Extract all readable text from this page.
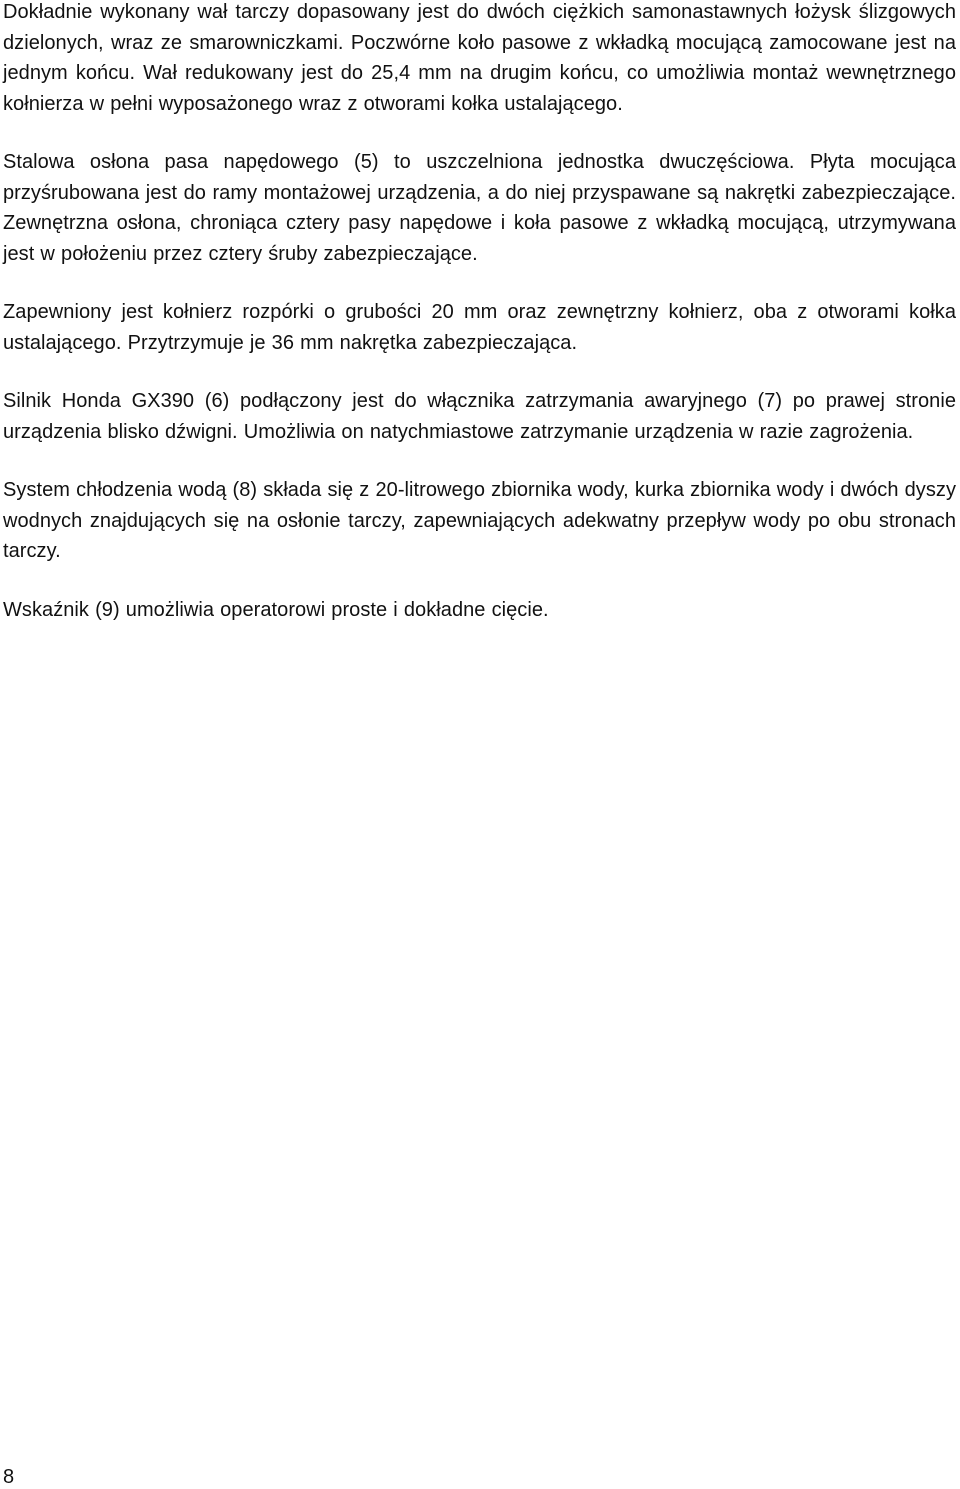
Dokładnie wykonany wał tarczy dopasowany jest do dwóch ciężkich samonastawnych łożysk ślizgowych dzielonych, wraz ze smarowniczkami. Poczwórne koło pasowe z wkładką mocującą zamocowane jest na jednym końcu. Wał redukowany jest do 25,4 mm na drugim końcu, co umożliwia montaż wewnętrznego kołnierza w pełni wyposażonego wraz z otworami kołka ustalającego.

Stalowa osłona pasa napędowego (5) to uszczelniona jednostka dwuczęściowa. Płyta mocująca przyśrubowana jest do ramy montażowej urządzenia, a do niej przyspawane są nakrętki zabezpieczające. Zewnętrzna osłona, chroniąca cztery pasy napędowe i koła pasowe z wkładką mocującą, utrzymywana jest w położeniu przez cztery śruby zabezpieczające.

Zapewniony jest kołnierz rozpórki o grubości 20 mm oraz zewnętrzny kołnierz, oba z otworami kołka ustalającego. Przytrzymuje je 36 mm nakrętka zabezpieczająca.

Silnik Honda GX390 (6) podłączony jest do włącznika zatrzymania awaryjnego (7) po prawej stronie urządzenia blisko dźwigni. Umożliwia on natychmiastowe zatrzymanie urządzenia w razie zagrożenia.

System chłodzenia wodą (8) składa się z 20-litrowego zbiornika wody, kurka zbiornika wody i dwóch dyszy wodnych znajdujących się na osłonie tarczy, zapewniających adekwatny przepływ wody po obu stronach tarczy.

Wskaźnik (9) umożliwia operatorowi proste i dokładne cięcie.

8
